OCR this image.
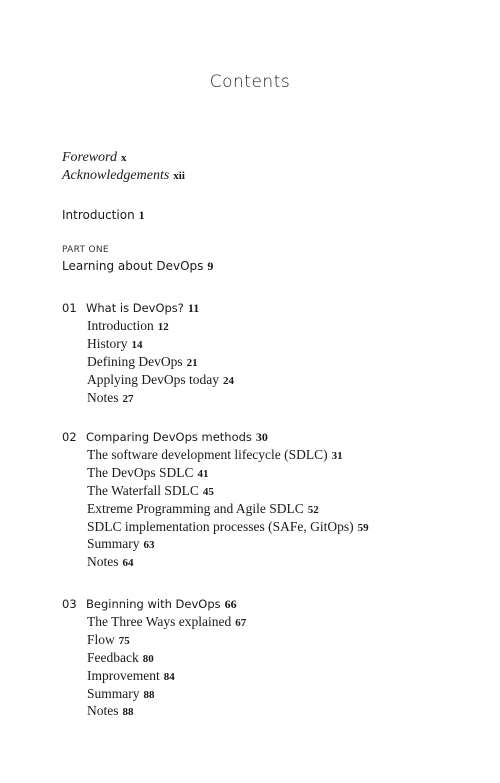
Contents
Foreword x
Acknowledgements xii
Introduction 1
PART ONE
Learning about DevOps 9
01 What is DevOps? 11
Introduction 12
History 14
Defining DevOps 21
Applying DevOps today 24
Notes 27
02 Comparing DevOps methods 30
The software development lifecycle (SDLC) 31
The DevOps SDLC 41
The Waterfall SDLC 45
Extreme Programming and Agile SDLC 52
SDLC implementation processes (SAFe, GitOps) 59
Summary 63
Notes 64
03 Beginning with DevOps 66
The Three Ways explained 67
Flow 75
Feedback 80
Improvement 84
Summary 88
Notes 88
